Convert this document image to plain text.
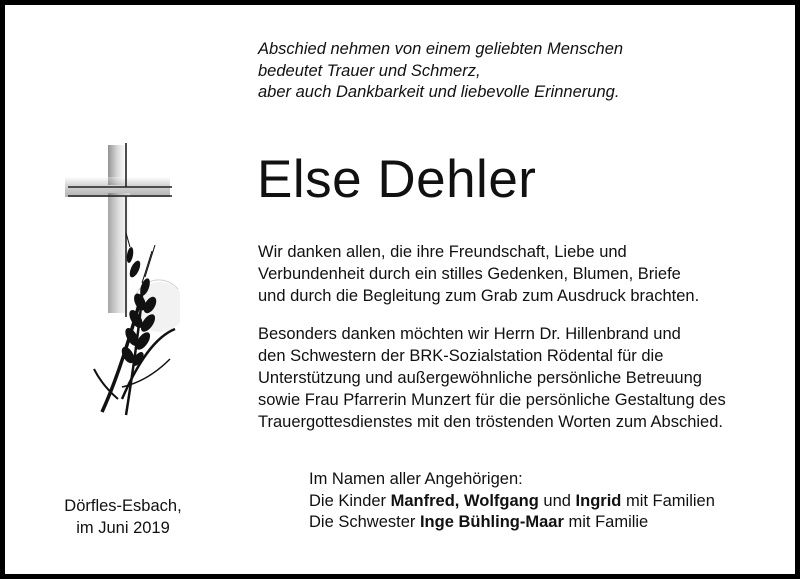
Abschied nehmen von einem geliebten Menschen
bedeutet Trauer und Schmerz,
aber auch Dankbarkeit und liebevolle Erinnerung.
Else Dehler
Wir danken allen, die ihre Freundschaft, Liebe und
Verbundenheit durch ein stilles Gedenken, Blumen, Briefe
und durch die Begleitung zum Grab zum Ausdruck brachten.
Besonders danken möchten wir Herrn Dr. Hillenbrand und
den Schwestern der BRK-Sozialstation Rödental für die
Unterstützung und außergewöhnliche persönliche Betreuung
sowie Frau Pfarrerin Munzert für die persönliche Gestaltung des
Trauergottesdienstes mit den tröstenden Worten zum Abschied.
Dörfles-Esbach,
im Juni 2019
Im Namen aller Angehörigen:
Die Kinder Manfred, Wolfgang und Ingrid mit Familien
Die Schwester Inge Bühling-Maar mit Familie
